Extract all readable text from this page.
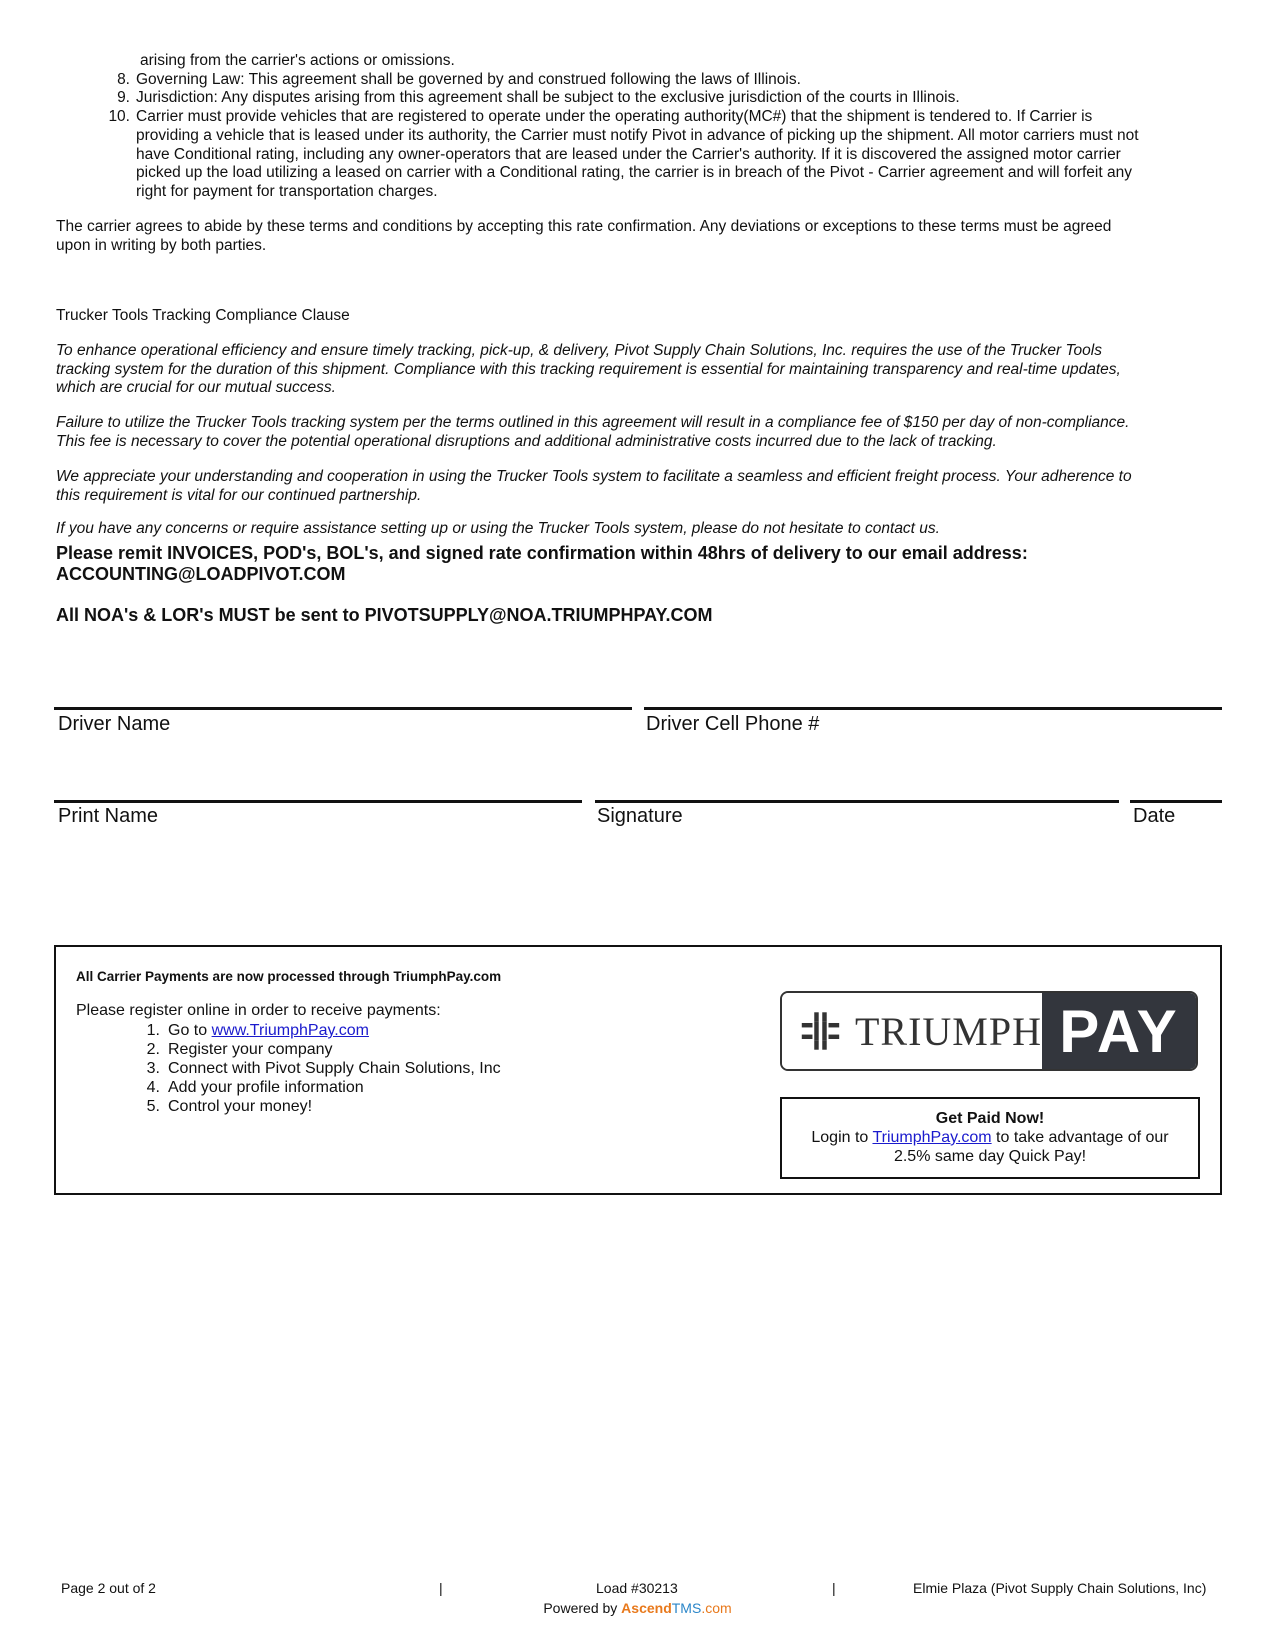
arising from the carrier's actions or omissions.
8. Governing Law: This agreement shall be governed by and construed following the laws of Illinois.
9. Jurisdiction: Any disputes arising from this agreement shall be subject to the exclusive jurisdiction of the courts in Illinois.
10. Carrier must provide vehicles that are registered to operate under the operating authority(MC#) that the shipment is tendered to. If Carrier is
providing a vehicle that is leased under its authority, the Carrier must notify Pivot in advance of picking up the shipment. All motor carriers must not
have Conditional rating, including any owner-operators that are leased under the Carrier's authority. If it is discovered the assigned motor carrier
picked up the load utilizing a leased on carrier with a Conditional rating, the carrier is in breach of the Pivot - Carrier agreement and will forfeit any
right for payment for transportation charges.
The carrier agrees to abide by these terms and conditions by accepting this rate confirmation. Any deviations or exceptions to these terms must be agreed
upon in writing by both parties.
Trucker Tools Tracking Compliance Clause
To enhance operational efficiency and ensure timely tracking, pick-up, & delivery, Pivot Supply Chain Solutions, Inc. requires the use of the Trucker Tools
tracking system for the duration of this shipment. Compliance with this tracking requirement is essential for maintaining transparency and real-time updates,
which are crucial for our mutual success.
Failure to utilize the Trucker Tools tracking system per the terms outlined in this agreement will result in a compliance fee of $150 per day of non-compliance.
This fee is necessary to cover the potential operational disruptions and additional administrative costs incurred due to the lack of tracking.
We appreciate your understanding and cooperation in using the Trucker Tools system to facilitate a seamless and efficient freight process. Your adherence to
this requirement is vital for our continued partnership.
If you have any concerns or require assistance setting up or using the Trucker Tools system, please do not hesitate to contact us.
Please remit INVOICES, POD's, BOL's, and signed rate confirmation within 48hrs of delivery to our email address:
ACCOUNTING@LOADPIVOT.COM
All NOA's & LOR's MUST be sent to PIVOTSUPPLY@NOA.TRIUMPHPAY.COM
Driver Name	Driver Cell Phone #
Print Name	Signature	Date
All Carrier Payments are now processed through TriumphPay.com
Please register online in order to receive payments:
1. Go to www.TriumphPay.com
2. Register your company
3. Connect with Pivot Supply Chain Solutions, Inc
4. Add your profile information
5. Control your money!
TRIUMPH PAY
Get Paid Now!
Login to TriumphPay.com to take advantage of our
2.5% same day Quick Pay!
Page 2 out of 2	|	Load #30213	|	Elmie Plaza (Pivot Supply Chain Solutions, Inc)
Powered by AscendTMS.com
